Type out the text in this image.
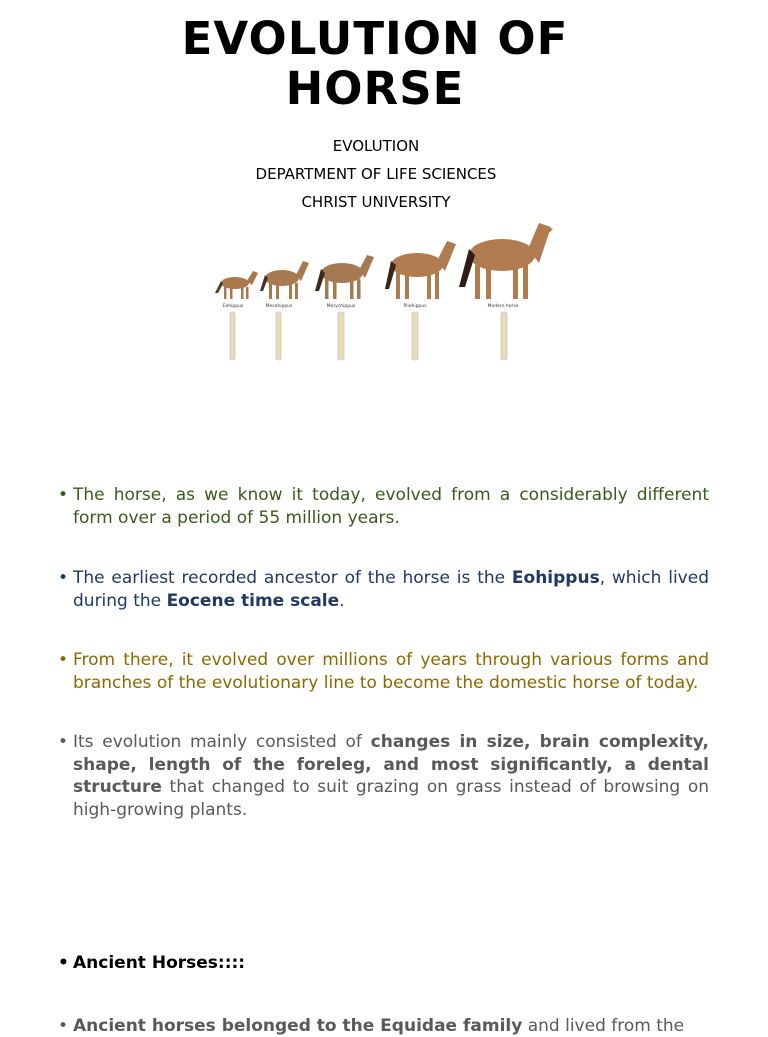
EVOLUTION OF
HORSE
EVOLUTION
DEPARTMENT OF LIFE SCIENCES
CHRIST UNIVERSITY
Eohippus	Mesohippus	Merychippus	Pliohippus	Modern horse
• The horse, as we know it today, evolved from a considerably different form over a period of 55 million years.
• The earliest recorded ancestor of the horse is the Eohippus, which lived during the Eocene time scale.
• From there, it evolved over millions of years through various forms and branches of the evolutionary line to become the domestic horse of today.
• Its evolution mainly consisted of changes in size, brain complexity, shape, length of the foreleg, and most significantly, a dental structure that changed to suit grazing on grass instead of browsing on high-growing plants.
• Ancient Horses::::
• Ancient horses belonged to the Equidae family and lived from the
